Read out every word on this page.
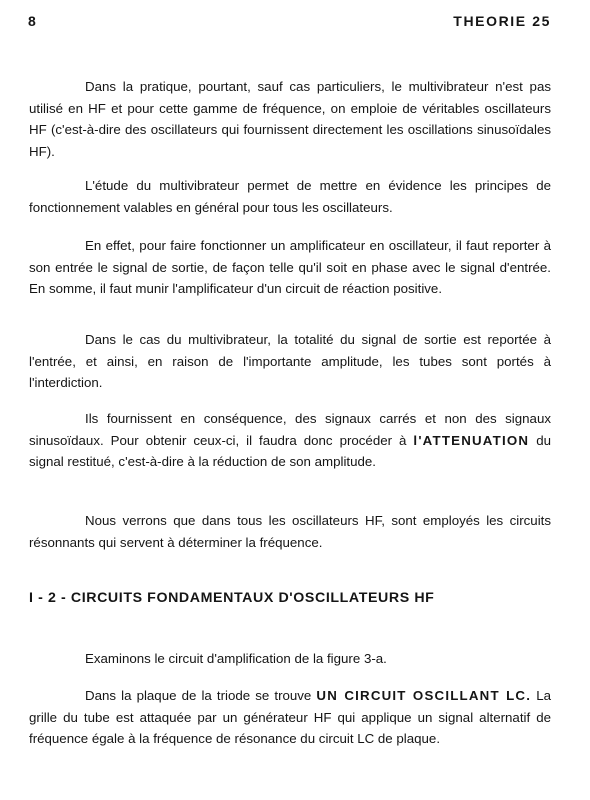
8	THEORIE 25

Dans la pratique, pourtant, sauf cas particuliers, le multivibrateur n'est pas utilisé en HF et pour cette gamme de fréquence, on emploie de véritables oscillateurs HF (c'est-à-dire des oscillateurs qui fournissent directement les oscillations sinusoïdales HF).

L'étude du multivibrateur permet de mettre en évidence les principes de fonctionnement valables en général pour tous les oscillateurs.

En effet, pour faire fonctionner un amplificateur en oscillateur, il faut reporter à son entrée le signal de sortie, de façon telle qu'il soit en phase avec le signal d'entrée. En somme, il faut munir l'amplificateur d'un circuit de réaction positive.

Dans le cas du multivibrateur, la totalité du signal de sortie est reportée à l'entrée, et ainsi, en raison de l'importante amplitude, les tubes sont portés à l'interdiction.

Ils fournissent en conséquence, des signaux carrés et non des signaux sinusoïdaux. Pour obtenir ceux-ci, il faudra donc procéder à l'ATTENUATION du signal restitué, c'est-à-dire à la réduction de son amplitude.

Nous verrons que dans tous les oscillateurs HF, sont employés les circuits résonnants qui servent à déterminer la fréquence.

I - 2 - CIRCUITS FONDAMENTAUX D'OSCILLATEURS HF

Examinons le circuit d'amplification de la figure 3-a.

Dans la plaque de la triode se trouve UN CIRCUIT OSCILLANT LC. La grille du tube est attaquée par un générateur HF qui applique un signal alternatif de fréquence égale à la fréquence de résonance du circuit LC de plaque.
